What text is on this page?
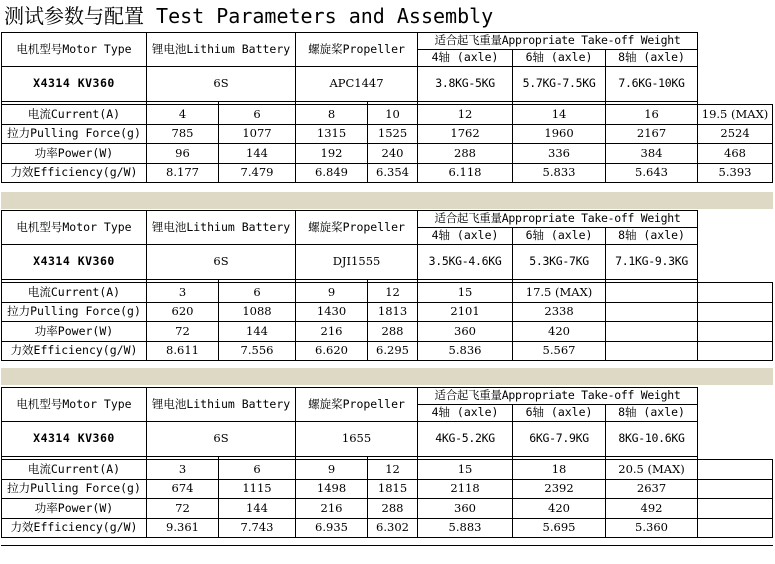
测试参数与配置 Test Parameters and Assembly
电机型号Motor Type	锂电池Lithium Battery		螺旋桨Propeller		适合起飞重量Appropriate Take-off Weight			
					4轴 (axle)	6轴 (axle)	8轴 (axle)	
X4314 KV360	6S		APC1447		3.8KG-5KG	5.7KG-7.5KG	7.6KG-10KG	

电流Current(A)	4	6	8	10	12	14	16	19.5 (MAX)
拉力Pulling Force(g)	785	1077	1315	1525	1762	1960	2167	2524
功率Power(W)	96	144	192	240	288	336	384	468
力效Efficiency(g/W)	8.177	7.479	6.849	6.354	6.118	5.833	5.643	5.393
电机型号Motor Type	锂电池Lithium Battery		螺旋桨Propeller		适合起飞重量Appropriate Take-off Weight			
					4轴 (axle)	6轴 (axle)	8轴 (axle)	
X4314 KV360	6S		DJI1555		3.5KG-4.6KG	5.3KG-7KG	7.1KG-9.3KG	

电流Current(A)	3	6	9	12	15	17.5 (MAX)		
拉力Pulling Force(g)	620	1088	1430	1813	2101	2338		
功率Power(W)	72	144	216	288	360	420		
力效Efficiency(g/W)	8.611	7.556	6.620	6.295	5.836	5.567		
电机型号Motor Type	锂电池Lithium Battery		螺旋桨Propeller		适合起飞重量Appropriate Take-off Weight			
					4轴 (axle)	6轴 (axle)	8轴 (axle)	
X4314 KV360	6S		1655		4KG-5.2KG	6KG-7.9KG	8KG-10.6KG	

电流Current(A)	3	6	9	12	15	18	20.5 (MAX)	
拉力Pulling Force(g)	674	1115	1498	1815	2118	2392	2637	
功率Power(W)	72	144	216	288	360	420	492	
力效Efficiency(g/W)	9.361	7.743	6.935	6.302	5.883	5.695	5.360	
